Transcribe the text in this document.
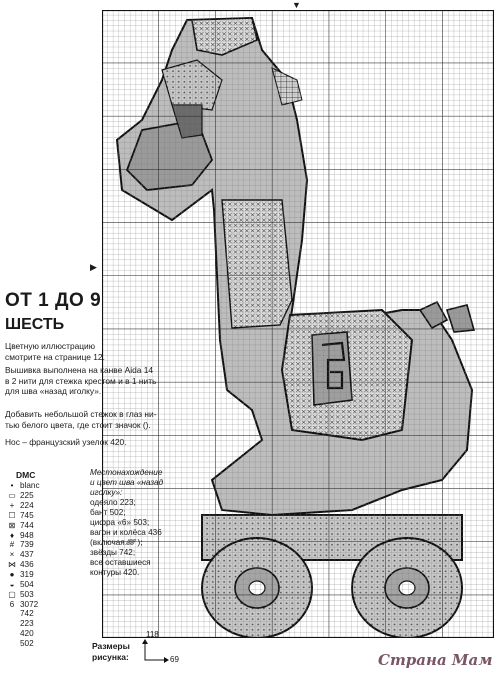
▼
▶
ОТ 1 ДО 9
ШЕСТЬ
Цветную иллюстрацию
смотрите на странице 12.
Вышивка выполнена на канве Aida 14
в 2 нити для стежка крестом и в 1 нить
для шва «назад иголку».
Добавить небольшой стежок в глаз ни-
тью белого цвета, где стоит значок ().
Нос – французский узелок 420.
DMC
• blanc
▭ 225
+ 224
☐ 745
⊠ 744
♦ 948
# 739
× 437
⋈ 436
● 319
◒ 504
▢ 503
6 3072
742
223
420
502
Местонахождение
и цвет шва «назад
иголку»:
одеяло 223;
бант 502;
цифра «6» 503;
вагон и колёса 436
(включая ⁄⁄⁄⁄⁄⁄ );
звёзды 742;
все оставшиеся
контуры 420.
Размеры
рисунка:
118
69	Страна Мам
